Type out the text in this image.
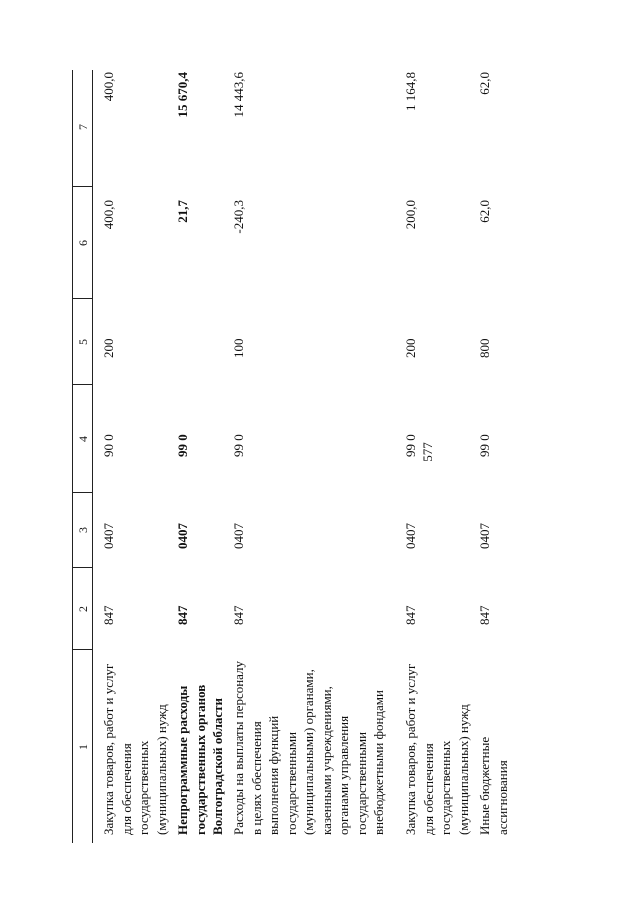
577
1
2
3
4
5
6
7
Закупка товаров, работ и услуг для обеспечения государственных (муниципальных) нужд
847
0407
90 0
200
400,0
400,0
Непрограммные расходы государственных органов Волгоградской области
847
0407
99 0
21,7
15 670,4
Расходы на выплаты персоналу в целях обеспечения выполнения функций государственными (муниципальными) органами, казенными учреждениями, органами управления государственными внебюджетными фондами
847
0407
99 0
100
-240,3
14 443,6
Закупка товаров, работ и услуг для обеспечения государственных (муниципальных) нужд
847
0407
99 0
200
200,0
1 164,8
Иные бюджетные ассигнования
847
0407
99 0
800
62,0
62,0
